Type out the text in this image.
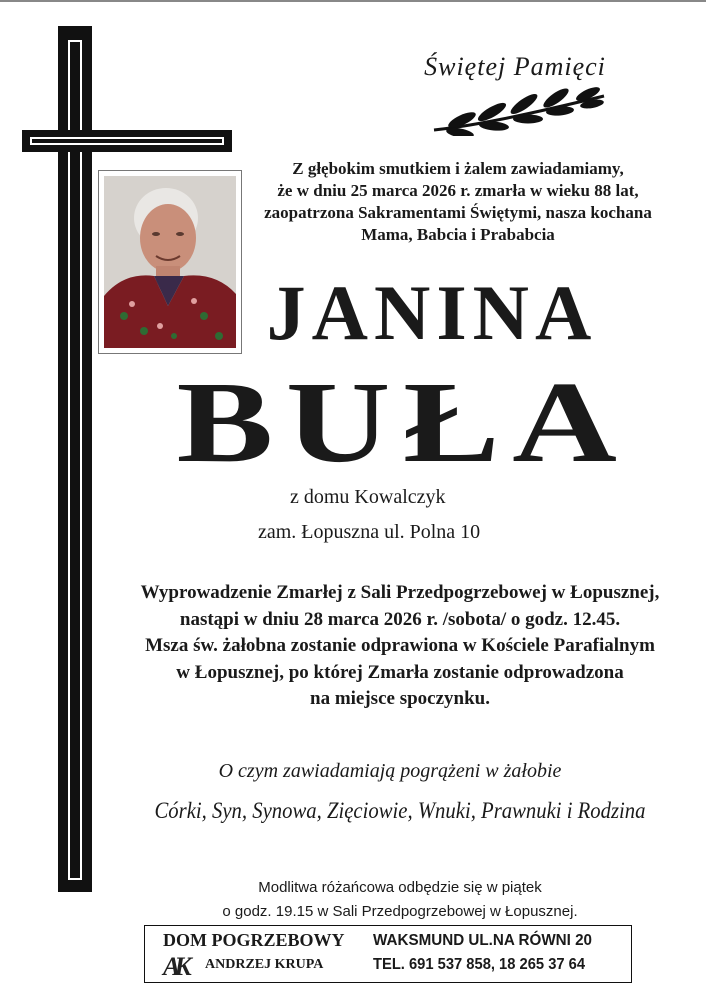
Świętej Pamięci
Z głębokim smutkiem i żalem zawiadamiamy,
że w dniu 25 marca 2026 r. zmarła w wieku 88 lat,
zaopatrzona Sakramentami Świętymi, nasza kochana
Mama, Babcia i Prababcia
JANINA
BUŁA
z domu Kowalczyk
zam. Łopuszna ul. Polna 10
Wyprowadzenie Zmarłej z Sali Przedpogrzebowej w Łopusznej,
nastąpi w dniu 28 marca 2026 r. /sobota/ o godz. 12.45.
Msza św. żałobna zostanie odprawiona w Kościele Parafialnym
w Łopusznej, po której Zmarła zostanie odprowadzona
na miejsce spoczynku.
O czym zawiadamiają pogrążeni w żałobie
Córki, Syn, Synowa, Zięciowie, Wnuki, Prawnuki i Rodzina
Modlitwa różańcowa odbędzie się w piątek
o godz. 19.15 w Sali Przedpogrzebowej w Łopusznej.
DOM POGRZEBOWY
AK ANDRZEJ KRUPA
WAKSMUND UL.NA RÓWNI 20
TEL. 691 537 858, 18 265 37 64
